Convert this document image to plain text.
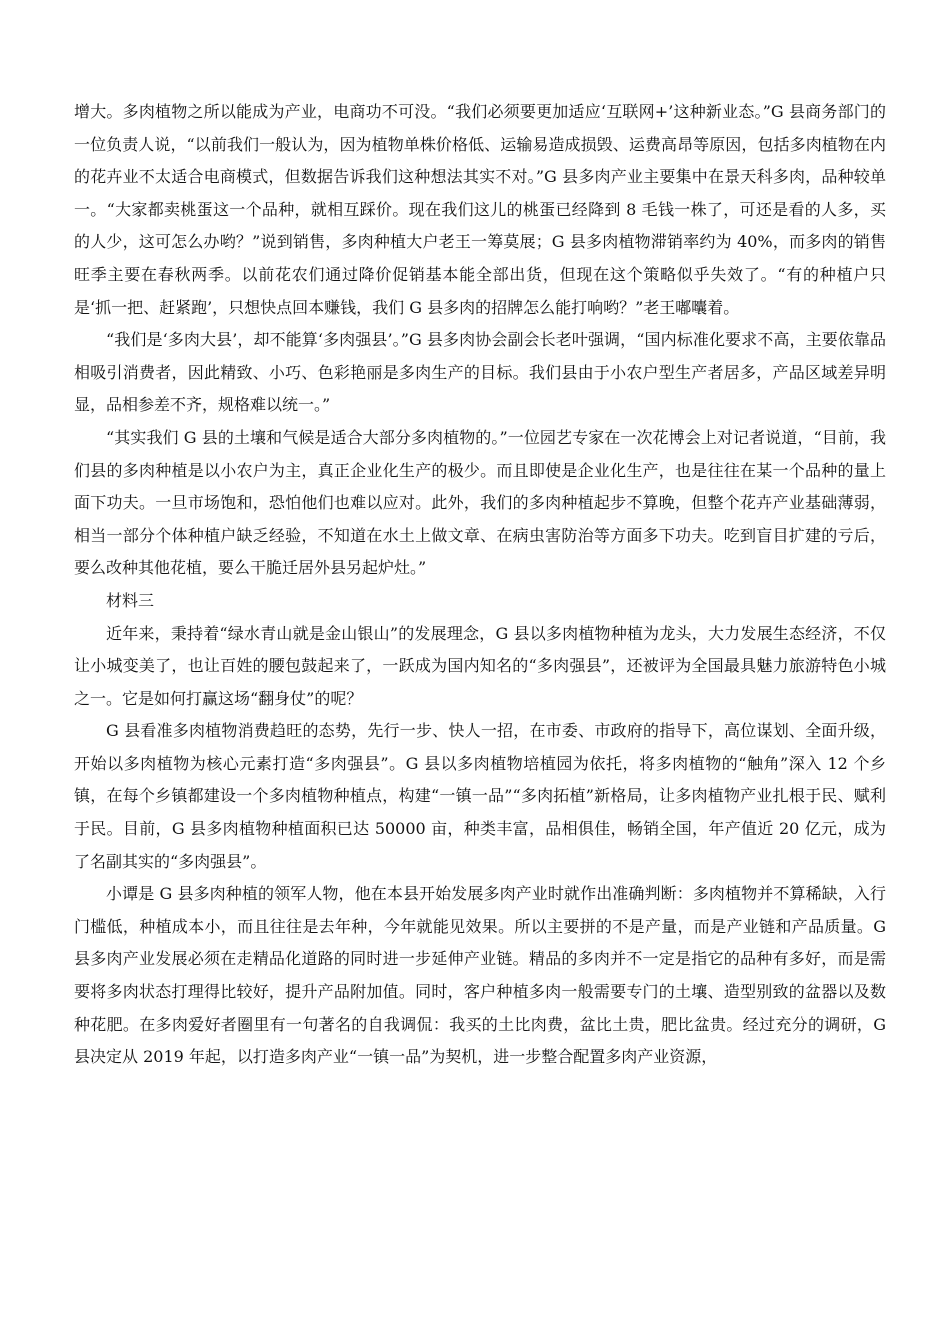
增大。多肉植物之所以能成为产业，电商功不可没。“我们必须要更加适应‘互联网+’这种新业态。”G 县商务部门的一位负责人说，“以前我们一般认为，因为植物单株价格低、运输易造成损毁、运费高昂等原因，包括多肉植物在内的花卉业不太适合电商模式，但数据告诉我们这种想法其实不对。”G 县多肉产业主要集中在景天科多肉，品种较单一。“大家都卖桃蛋这一个品种，就相互踩价。现在我们这儿的桃蛋已经降到 8 毛钱一株了，可还是看的人多，买的人少，这可怎么办哟？”说到销售，多肉种植大户老王一筹莫展；G 县多肉植物滞销率约为 40%，而多肉的销售旺季主要在春秋两季。以前花农们通过降价促销基本能全部出货，但现在这个策略似乎失效了。“有的种植户只是‘抓一把、赶紧跑’，只想快点回本赚钱，我们 G 县多肉的招牌怎么能打响哟？”老王嘟囔着。

“我们是‘多肉大县’，却不能算‘多肉强县’。”G 县多肉协会副会长老叶强调，“国内标准化要求不高，主要依靠品相吸引消费者，因此精致、小巧、色彩艳丽是多肉生产的目标。我们县由于小农户型生产者居多，产品区域差异明显，品相参差不齐，规格难以统一。”

“其实我们 G 县的土壤和气候是适合大部分多肉植物的。”一位园艺专家在一次花博会上对记者说道，“目前，我们县的多肉种植是以小农户为主，真正企业化生产的极少。而且即使是企业化生产，也是往往在某一个品种的量上面下功夫。一旦市场饱和，恐怕他们也难以应对。此外，我们的多肉种植起步不算晚，但整个花卉产业基础薄弱，相当一部分个体种植户缺乏经验，不知道在水土上做文章、在病虫害防治等方面多下功夫。吃到盲目扩建的亏后，要么改种其他花植，要么干脆迁居外县另起炉灶。”

材料三

近年来，秉持着“绿水青山就是金山银山”的发展理念，G 县以多肉植物种植为龙头，大力发展生态经济，不仅让小城变美了，也让百姓的腰包鼓起来了，一跃成为国内知名的“多肉强县”，还被评为全国最具魅力旅游特色小城之一。它是如何打赢这场“翻身仗”的呢？

G 县看准多肉植物消费趋旺的态势，先行一步、快人一招，在市委、市政府的指导下，高位谋划、全面升级，开始以多肉植物为核心元素打造“多肉强县”。G 县以多肉植物培植园为依托，将多肉植物的“触角”深入 12 个乡镇，在每个乡镇都建设一个多肉植物种植点，构建“一镇一品”“多肉拓植”新格局，让多肉植物产业扎根于民、赋利于民。目前，G 县多肉植物种植面积已达 50000 亩，种类丰富，品相俱佳，畅销全国，年产值近 20 亿元，成为了名副其实的“多肉强县”。

小谭是 G 县多肉种植的领军人物，他在本县开始发展多肉产业时就作出准确判断：多肉植物并不算稀缺，入行门槛低，种植成本小，而且往往是去年种，今年就能见效果。所以主要拼的不是产量，而是产业链和产品质量。G 县多肉产业发展必须在走精品化道路的同时进一步延伸产业链。精品的多肉并不一定是指它的品种有多好，而是需要将多肉状态打理得比较好，提升产品附加值。同时，客户种植多肉一般需要专门的土壤、造型别致的盆器以及数种花肥。在多肉爱好者圈里有一句著名的自我调侃：我买的土比肉费，盆比土贵，肥比盆贵。经过充分的调研，G 县决定从 2019 年起，以打造多肉产业“一镇一品”为契机，进一步整合配置多肉产业资源，
